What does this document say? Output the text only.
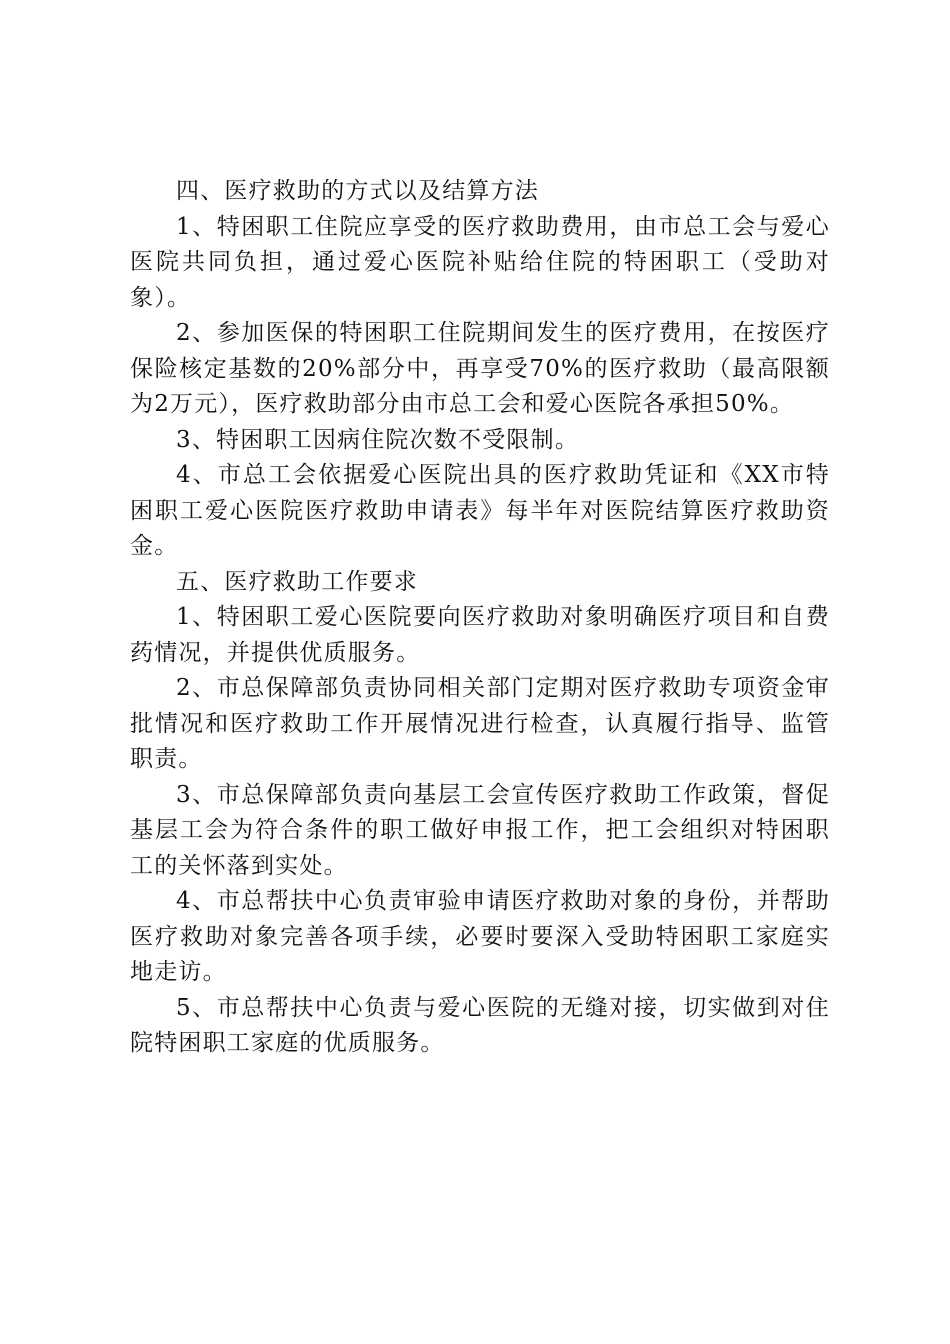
四、医疗救助的方式以及结算方法

1、特困职工住院应享受的医疗救助费用，由市总工会与爱心医院共同负担，通过爱心医院补贴给住院的特困职工（受助对象）。

2、参加医保的特困职工住院期间发生的医疗费用，在按医疗保险核定基数的20%部分中，再享受70%的医疗救助（最高限额为2万元），医疗救助部分由市总工会和爱心医院各承担50%。

3、特困职工因病住院次数不受限制。

4、市总工会依据爱心医院出具的医疗救助凭证和《XX市特困职工爱心医院医疗救助申请表》每半年对医院结算医疗救助资金。

五、医疗救助工作要求

1、特困职工爱心医院要向医疗救助对象明确医疗项目和自费药情况，并提供优质服务。

2、市总保障部负责协同相关部门定期对医疗救助专项资金审批情况和医疗救助工作开展情况进行检查，认真履行指导、监管职责。

3、市总保障部负责向基层工会宣传医疗救助工作政策，督促基层工会为符合条件的职工做好申报工作，把工会组织对特困职工的关怀落到实处。

4、市总帮扶中心负责审验申请医疗救助对象的身份，并帮助医疗救助对象完善各项手续，必要时要深入受助特困职工家庭实地走访。

5、市总帮扶中心负责与爱心医院的无缝对接，切实做到对住院特困职工家庭的优质服务。
